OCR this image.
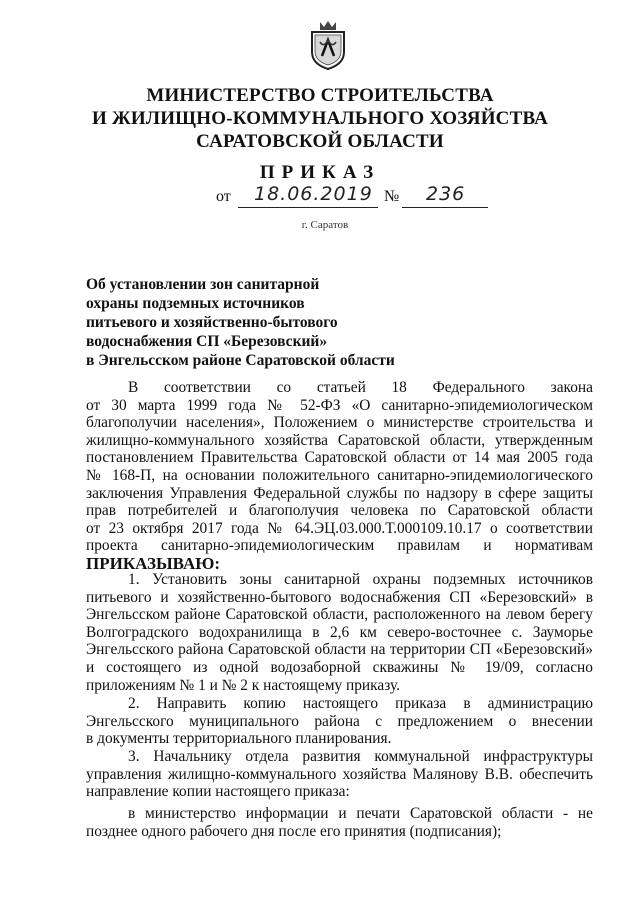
МИНИСТЕРСТВО СТРОИТЕЛЬСТВА
И ЖИЛИЩНО-КОММУНАЛЬНОГО ХОЗЯЙСТВА
САРАТОВСКОЙ ОБЛАСТИ
ПРИКАЗ
от 18.06.2019 № 236
г. Саратов
Об установлении зон санитарной
охраны подземных источников
питьевого и хозяйственно-бытового
водоснабжения СП «Березовский»
в Энгельсском районе Саратовской области
В соответствии со статьей 18 Федерального закона
от 30 марта 1999 года № 52-ФЗ «О санитарно-эпидемиологическом
благополучии населения», Положением о министерстве строительства и
жилищно-коммунального хозяйства Саратовской области, утвержденным
постановлением Правительства Саратовской области от 14 мая 2005 года
№ 168-П, на основании положительного санитарно-эпидемиологического
заключения Управления Федеральной службы по надзору в сфере защиты
прав потребителей и благополучия человека по Саратовской области
от 23 октября 2017 года № 64.ЭЦ.03.000.Т.000109.10.17 о соответствии
проекта санитарно-эпидемиологическим правилам и нормативам
ПРИКАЗЫВАЮ:
1. Установить зоны санитарной охраны подземных источников
питьевого и хозяйственно-бытового водоснабжения СП «Березовский» в
Энгельсском районе Саратовской области, расположенного на левом берегу
Волгоградского водохранилища в 2,6 км северо-восточнее с. Зауморье
Энгельсского района Саратовской области на территории СП «Березовский»
и состоящего из одной водозаборной скважины № 19/09, согласно
приложениям № 1 и № 2 к настоящему приказу.
2. Направить копию настоящего приказа в администрацию
Энгельсского муниципального района с предложением о внесении
в документы территориального планирования.
3. Начальнику отдела развития коммунальной инфраструктуры
управления жилищно-коммунального хозяйства Малянову В.В. обеспечить
направление копии настоящего приказа:
в министерство информации и печати Саратовской области - не
позднее одного рабочего дня после его принятия (подписания);
